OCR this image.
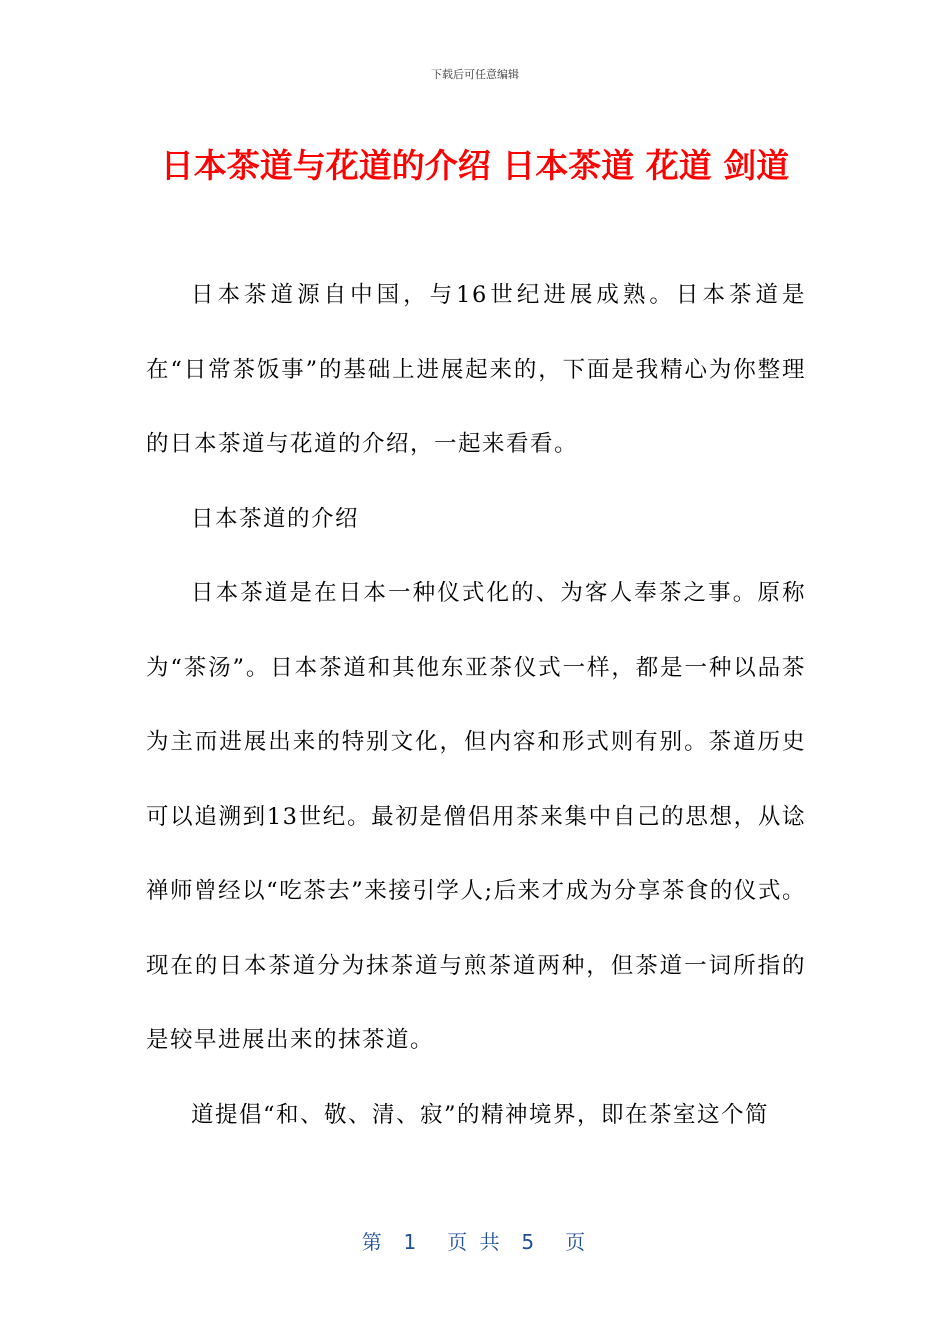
下载后可任意编辑
日本茶道与花道的介绍 日本茶道 花道 剑道

日本茶道源自中国，与16世纪进展成熟。日本茶道是在“日常茶饭事”的基础上进展起来的，下面是我精心为你整理的日本茶道与花道的介绍，一起来看看。

日本茶道的介绍

日本茶道是在日本一种仪式化的、为客人奉茶之事。原称为“茶汤”。日本茶道和其他东亚茶仪式一样，都是一种以品茶为主而进展出来的特别文化，但内容和形式则有别。茶道历史可以追溯到13世纪。最初是僧侣用茶来集中自己的思想，从谂禅师曾经以“吃茶去”来接引学人;后来才成为分享茶食的仪式。现在的日本茶道分为抹茶道与煎茶道两种，但茶道一词所指的是较早进展出来的抹茶道。

道提倡“和、敬、清、寂”的精神境界，即在茶室这个简

第  1   页 共  5   页
